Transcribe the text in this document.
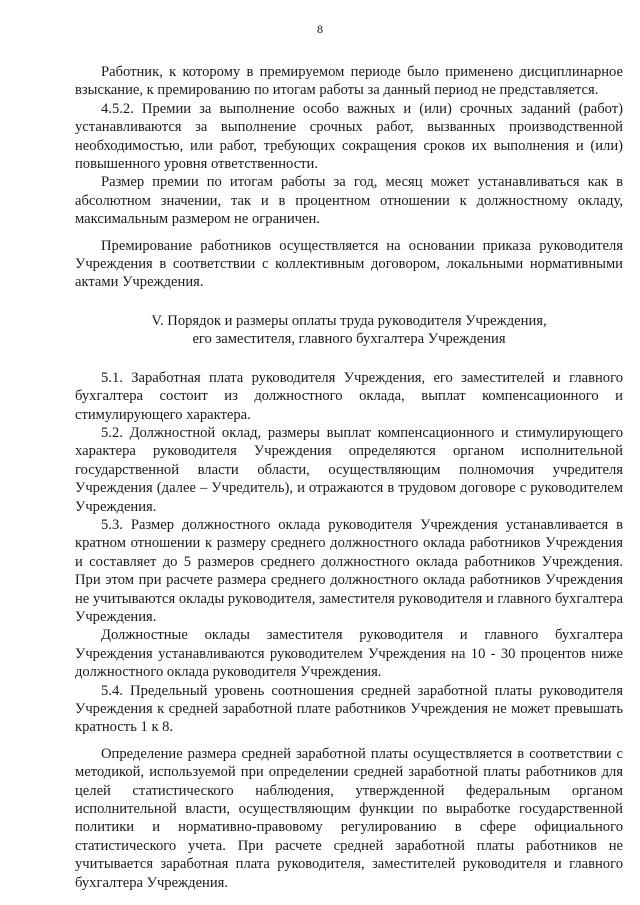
8

Работник, к которому в премируемом периоде было применено дисциплинарное взыскание, к премированию по итогам работы за данный период не представляется.

4.5.2. Премии за выполнение особо важных и (или) срочных заданий (работ) устанавливаются за выполнение срочных работ, вызванных производственной необходимостью, или работ, требующих сокращения сроков их выполнения и (или) повышенного уровня ответственности.

Размер премии по итогам работы за год, месяц может устанавливаться как в абсолютном значении, так и в процентном отношении к должностному окладу, максимальным размером не ограничен.

Премирование работников осуществляется на основании приказа руководителя Учреждения в соответствии с коллективным договором, локальными нормативными актами Учреждения.

V. Порядок и размеры оплаты труда руководителя Учреждения,
его заместителя, главного бухгалтера Учреждения

5.1. Заработная плата руководителя Учреждения, его заместителей и главного бухгалтера состоит из должностного оклада, выплат компенсационного и стимулирующего характера.

5.2. Должностной оклад, размеры выплат компенсационного и стимулирующего характера руководителя Учреждения определяются органом исполнительной государственной власти области, осуществляющим полномочия учредителя Учреждения (далее – Учредитель), и отражаются в трудовом договоре с руководителем Учреждения.

5.3. Размер должностного оклада руководителя Учреждения устанавливается в кратном отношении к размеру среднего должностного оклада работников Учреждения и составляет до 5 размеров среднего должностного оклада работников Учреждения. При этом при расчете размера среднего должностного оклада работников Учреждения не учитываются оклады руководителя, заместителя руководителя и главного бухгалтера Учреждения.

Должностные оклады заместителя руководителя и главного бухгалтера Учреждения устанавливаются руководителем Учреждения на 10 - 30 процентов ниже должностного оклада руководителя Учреждения.

5.4. Предельный уровень соотношения средней заработной платы руководителя Учреждения к средней заработной плате работников Учреждения не может превышать кратность 1 к 8.

Определение размера средней заработной платы осуществляется в соответствии с методикой, используемой при определении средней заработной платы работников для целей статистического наблюдения, утвержденной федеральным органом исполнительной власти, осуществляющим функции по выработке государственной политики и нормативно-правовому регулированию в сфере официального статистического учета. При расчете средней заработной платы работников не учитывается заработная плата руководителя, заместителей руководителя и главного бухгалтера Учреждения.
